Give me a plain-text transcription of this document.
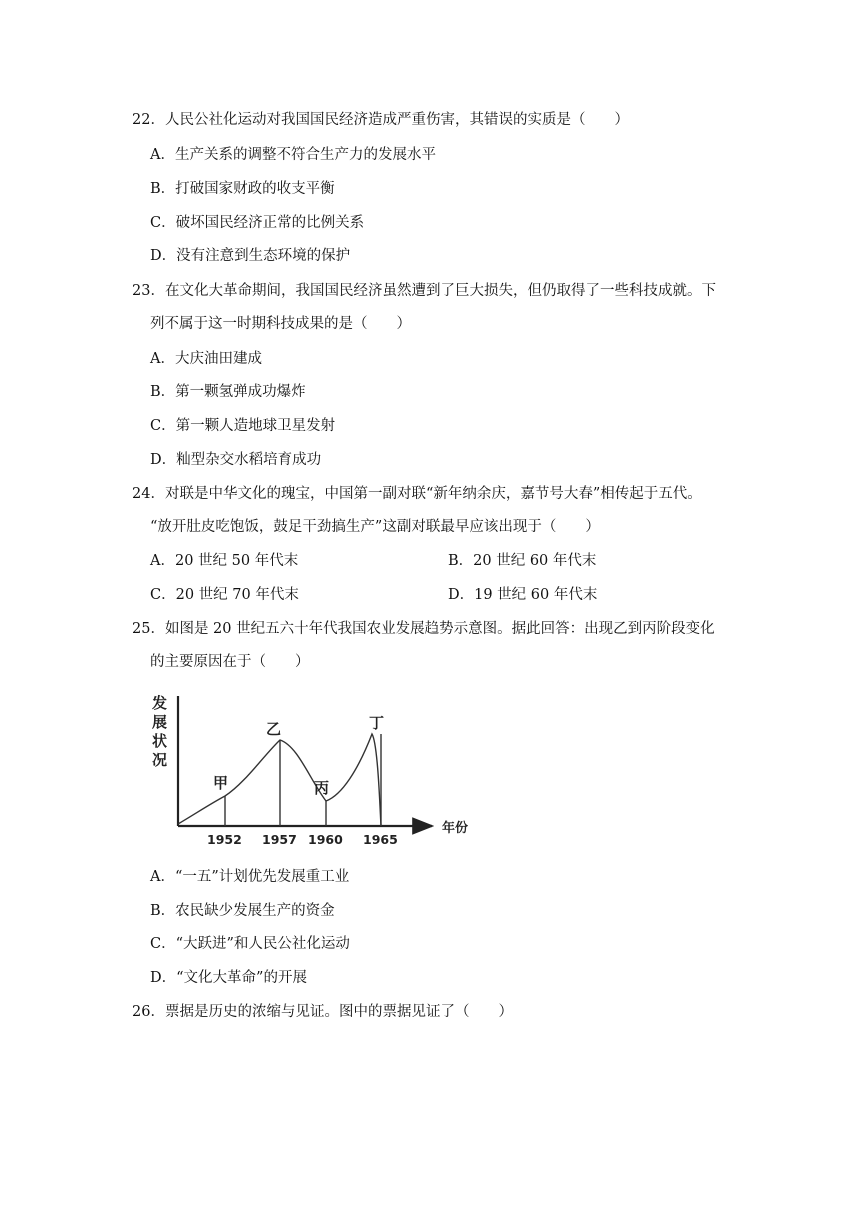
22．人民公社化运动对我国国民经济造成严重伤害，其错误的实质是（　　）
A．生产关系的调整不符合生产力的发展水平
B．打破国家财政的收支平衡
C．破坏国民经济正常的比例关系
D．没有注意到生态环境的保护
23．在文化大革命期间，我国国民经济虽然遭到了巨大损失，但仍取得了一些科技成就。下
列不属于这一时期科技成果的是（　　）
A．大庆油田建成
B．第一颗氢弹成功爆炸
C．第一颗人造地球卫星发射
D．籼型杂交水稻培育成功
24．对联是中华文化的瑰宝，中国第一副对联“新年纳余庆，嘉节号大春”相传起于五代。
“放开肚皮吃饱饭，鼓足干劲搞生产”这副对联最早应该出现于（　　）
A．20 世纪 50 年代末	B．20 世纪 60 年代末
C．20 世纪 70 年代末	D．19 世纪 60 年代末
25．如图是 20 世纪五六十年代我国农业发展趋势示意图。据此回答：出现乙到丙阶段变化
的主要原因在于（　　）
发
展
状
况
年份
甲
乙
丙
丁
1952 1957 1960 1965
A．“一五”计划优先发展重工业
B．农民缺少发展生产的资金
C．“大跃进”和人民公社化运动
D．“文化大革命”的开展
26．票据是历史的浓缩与见证。图中的票据见证了（　　）
